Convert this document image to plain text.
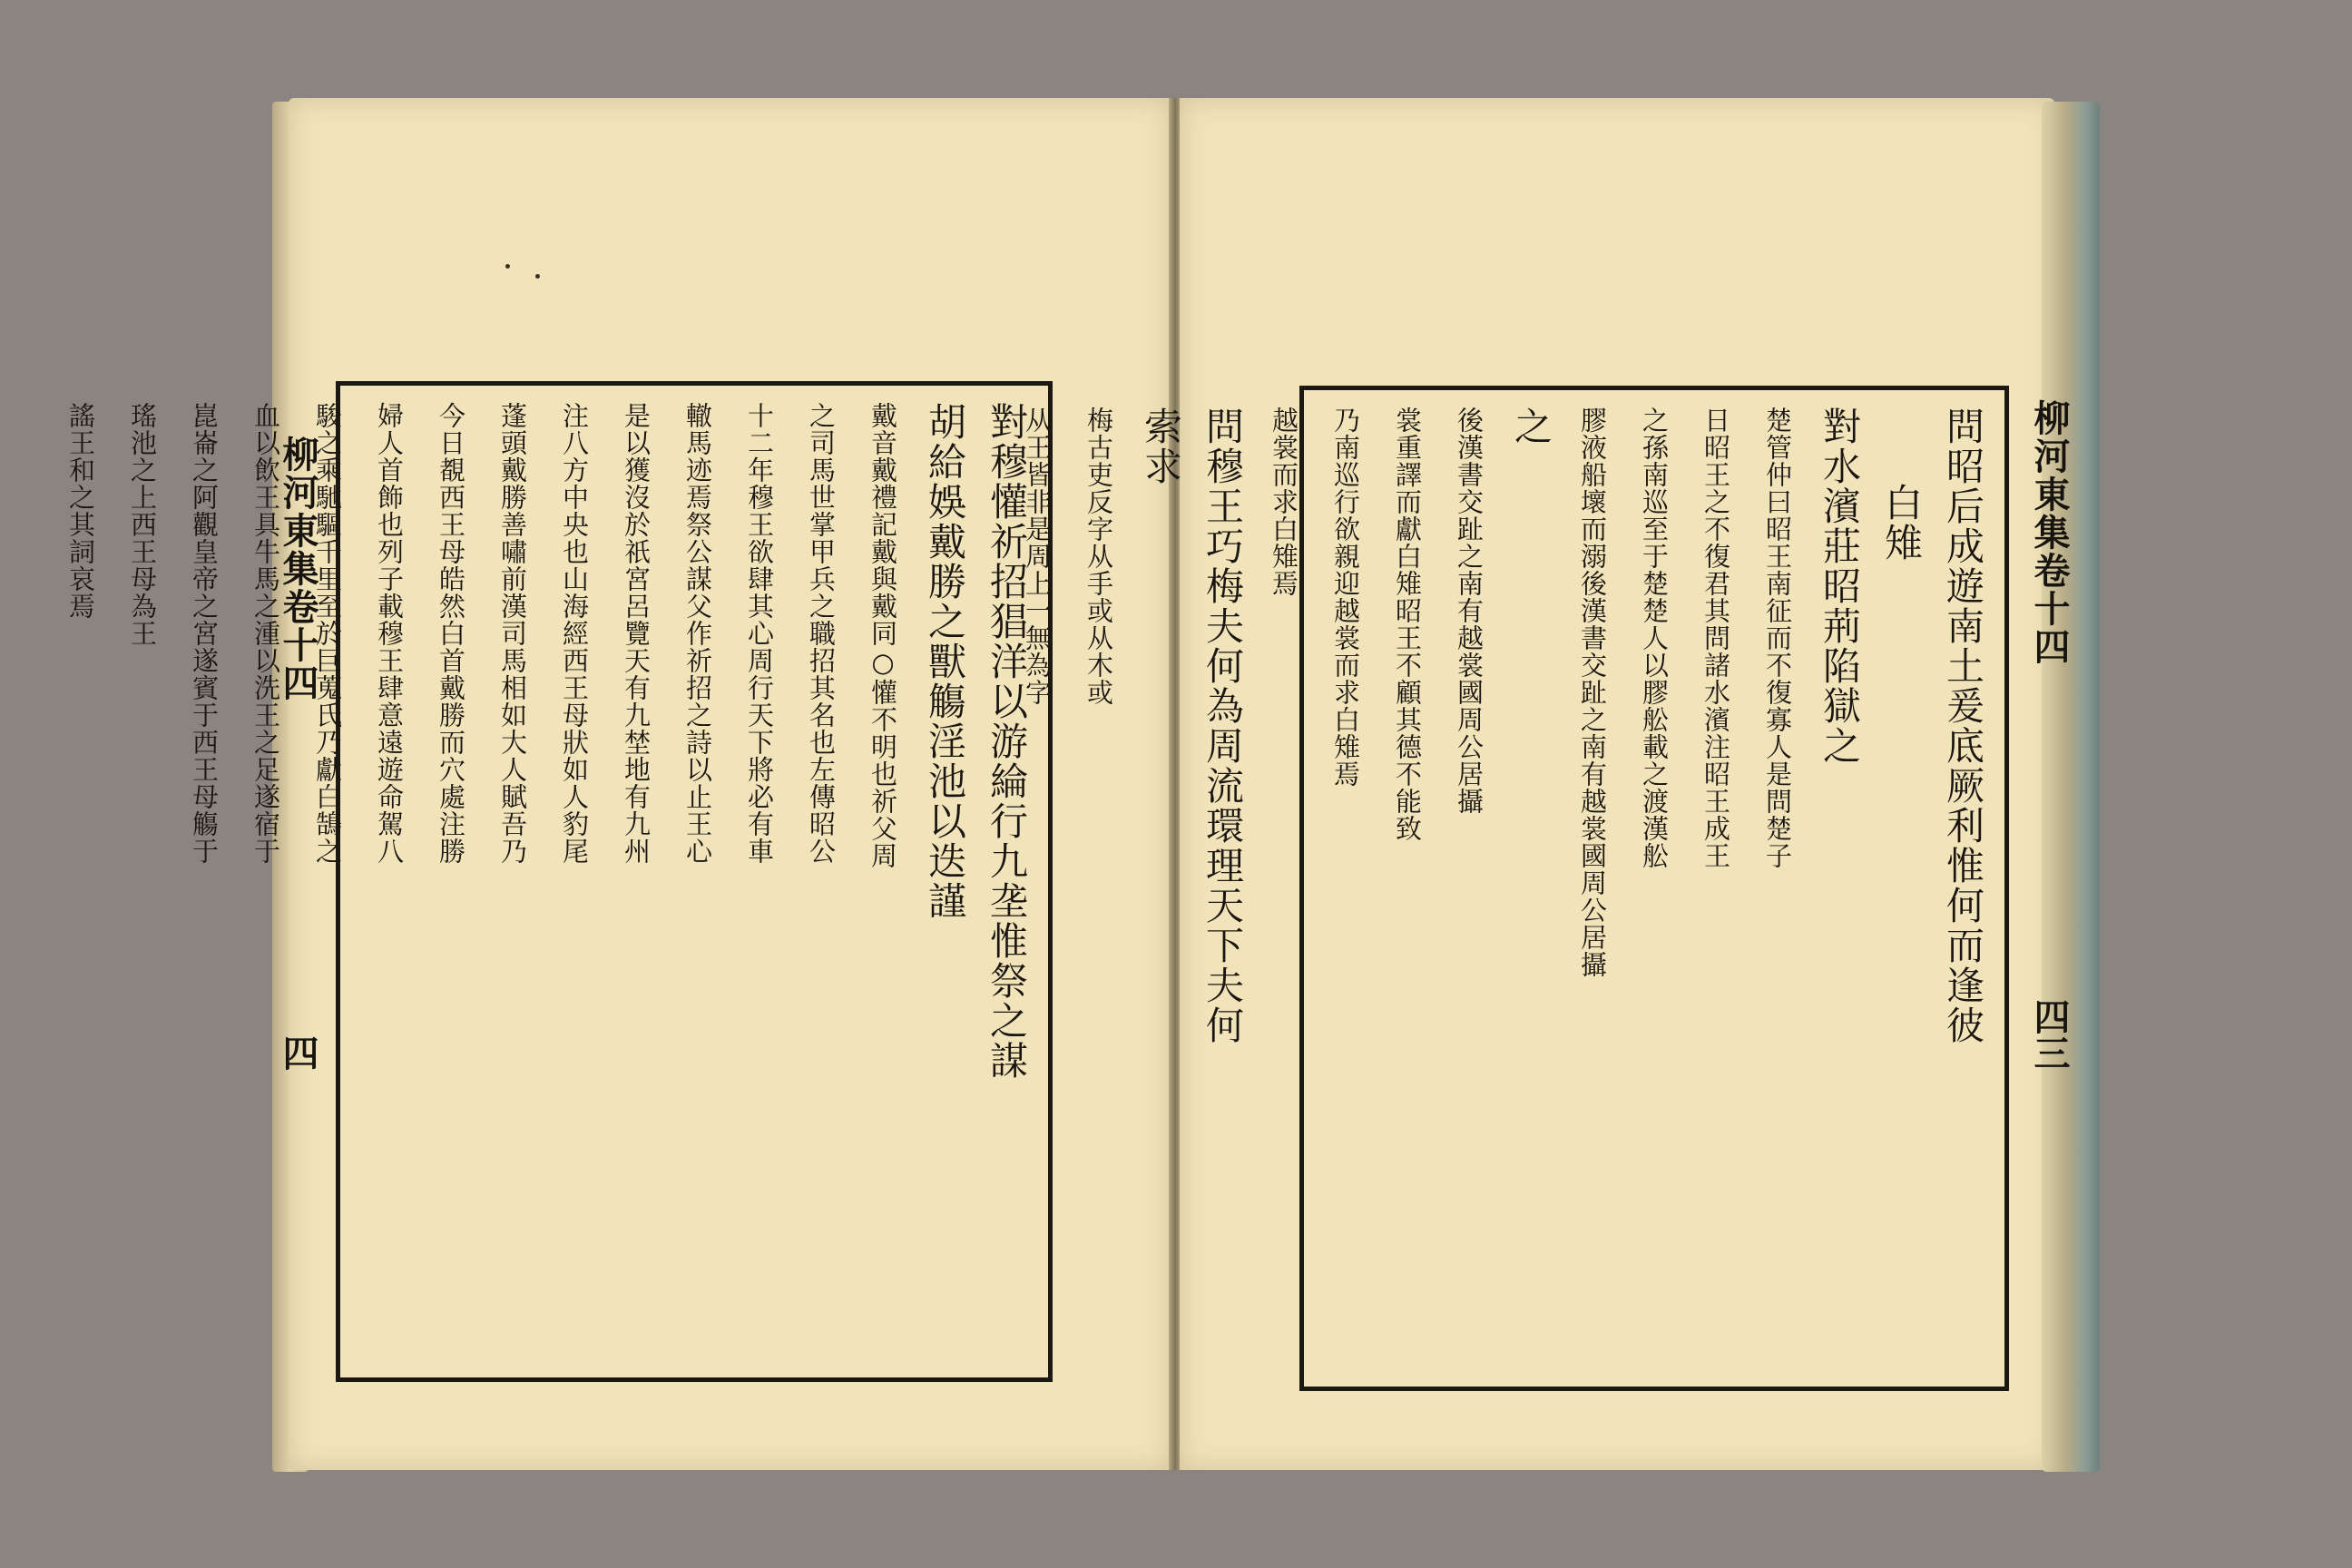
柳河東集卷十四
四	對穆懽祈招猖洋以游綸行九垄惟祭之謀
胡給娛戴勝之獸觴淫池以迭謹
戴音戴禮記戴與戴同○懽不明也祈父周
之司馬世掌甲兵之職招其名也左傳昭公
十二年穆王欲肆其心周行天下將必有車
轍馬迹焉祭公謀父作祈招之詩以止王心
是以獲沒於祇宮呂覽天有九埜地有九州
注八方中央也山海經西王母狀如人豹尾
蓬頭戴勝善嘯前漢司馬相如大人賦吾乃
今日覩西王母皓然白首戴勝而穴處注勝
婦人首飾也列子載穆王肆意遠遊命駕八
駿之乘馳驅千里至於巨蒐氏乃獻白鵠之
血以飲王具牛馬之湩以洗王之足遂宿于
崑崙之阿觀皇帝之宮遂賓于西王母觴于
瑤池之上西王母為王
謠王和之其詞哀焉	柳河東集卷十四
四三
問昭后成遊南土爰底厥利惟何而逢彼
白雉
對水濱莊昭荊陷獄之
楚管仲曰昭王南征而不復寡人是問楚子
日昭王之不復君其問諸水濱注昭王成王
之孫南巡至于楚楚人以膠舩載之渡漢舩
膠液船壞而溺後漢書交趾之南有越裳國周公居攝
之
後漢書交趾之南有越裳國周公居攝
裳重譯而獻白雉昭王不顧其德不能致
乃南巡行欲親迎越裳而求白雉焉
越裳而求白雉焉
問穆王巧梅夫何為周流環理天下夫何
索求
梅古吏反字从手或从木或
从王皆非是周上一無為字
